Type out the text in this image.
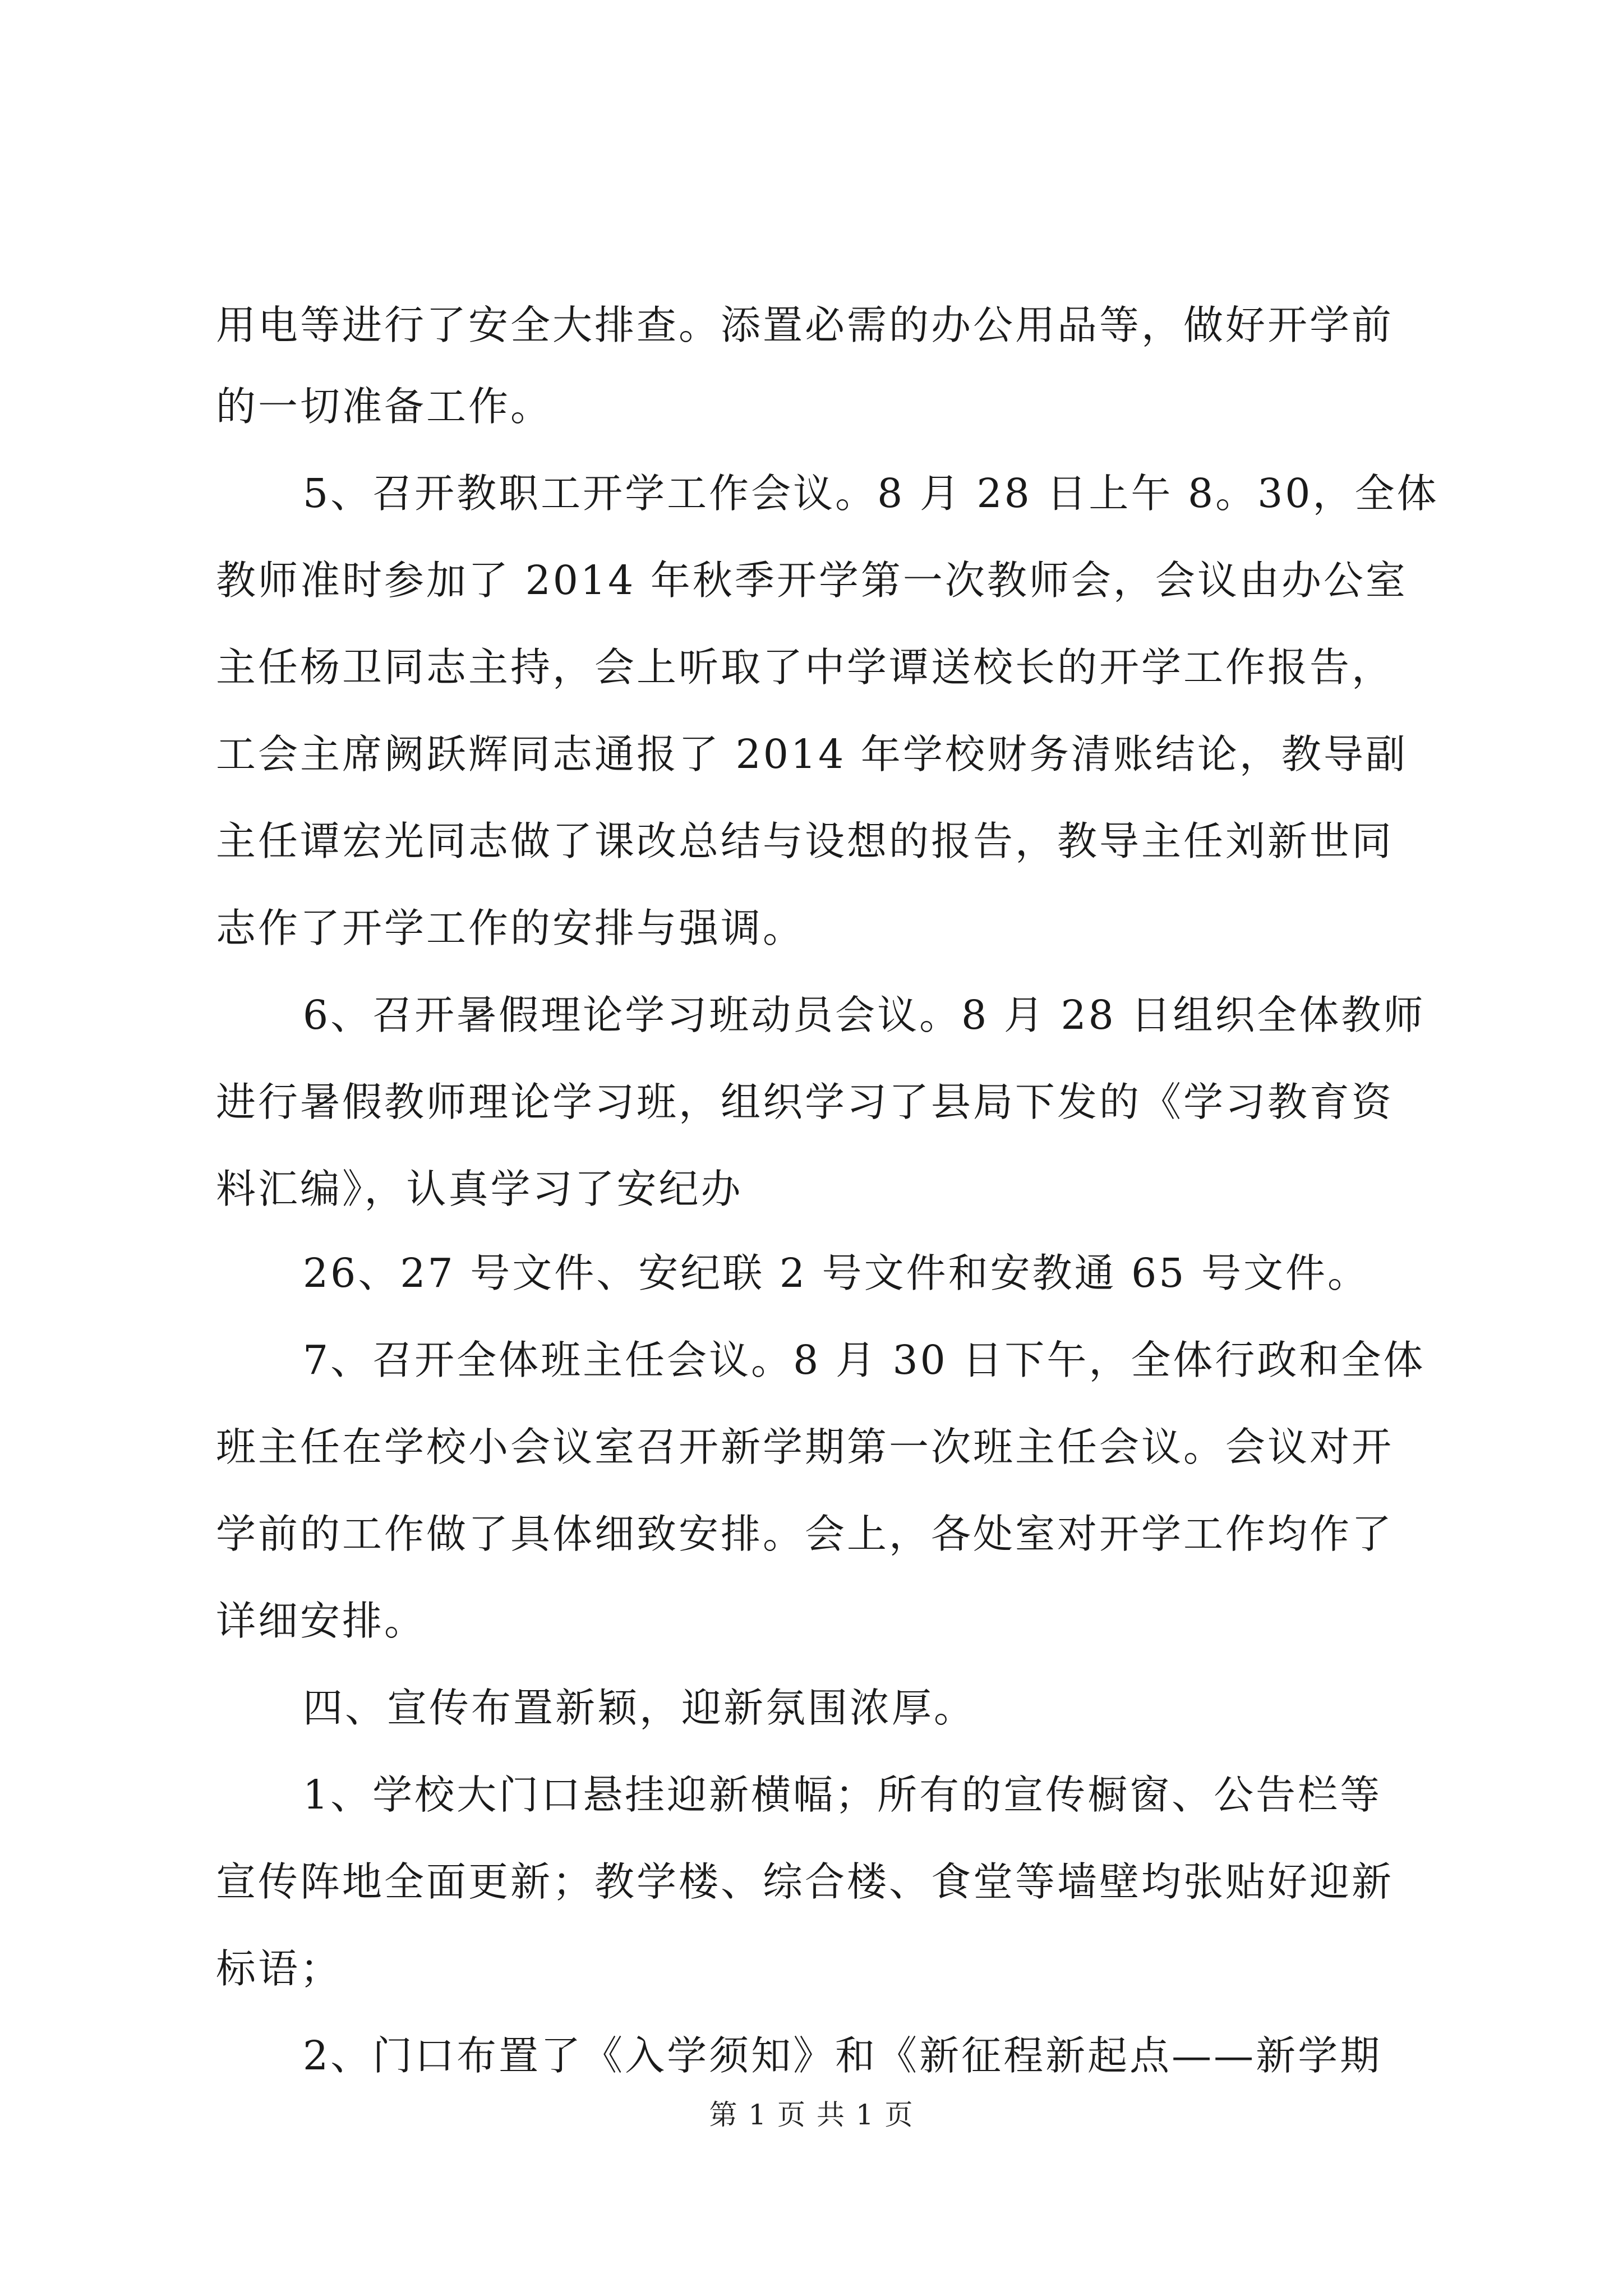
用电等进行了安全大排查。添置必需的办公用品等，做好开学前
的一切准备工作。
5、召开教职工开学工作会议。8 月 28 日上午 8。30，全体
教师准时参加了 2014 年秋季开学第一次教师会，会议由办公室
主任杨卫同志主持，会上听取了中学谭送校长的开学工作报告，
工会主席阙跃辉同志通报了 2014 年学校财务清账结论，教导副
主任谭宏光同志做了课改总结与设想的报告，教导主任刘新世同
志作了开学工作的安排与强调。
6、召开暑假理论学习班动员会议。8 月 28 日组织全体教师
进行暑假教师理论学习班，组织学习了县局下发的《学习教育资
料汇编》，认真学习了安纪办
26、27 号文件、安纪联 2 号文件和安教通 65 号文件。
7、召开全体班主任会议。8 月 30 日下午，全体行政和全体
班主任在学校小会议室召开新学期第一次班主任会议。会议对开
学前的工作做了具体细致安排。会上，各处室对开学工作均作了
详细安排。
四、宣传布置新颖，迎新氛围浓厚。
1、学校大门口悬挂迎新横幅；所有的宣传橱窗、公告栏等
宣传阵地全面更新；教学楼、综合楼、食堂等墙壁均张贴好迎新
标语；
2、门口布置了《入学须知》和《新征程新起点——新学期
第 1 页 共 1 页
